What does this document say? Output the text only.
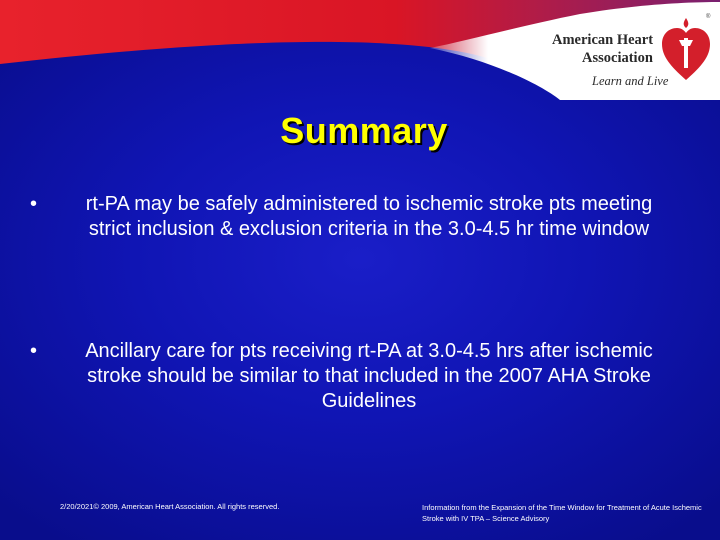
American Heart
Association
Learn and Live
®
Summary
•	rt-PA may be safely administered to ischemic stroke pts meeting strict inclusion & exclusion criteria in the 3.0-4.5 hr time window
•	Ancillary care for pts receiving rt-PA at 3.0-4.5 hrs after ischemic stroke should be similar to that included in the 2007 AHA Stroke Guidelines
2/20/2021© 2009, American Heart Association. All rights reserved.	Information from the Expansion of the Time Window for Treatment of Acute Ischemic Stroke with IV TPA – Science Advisory
